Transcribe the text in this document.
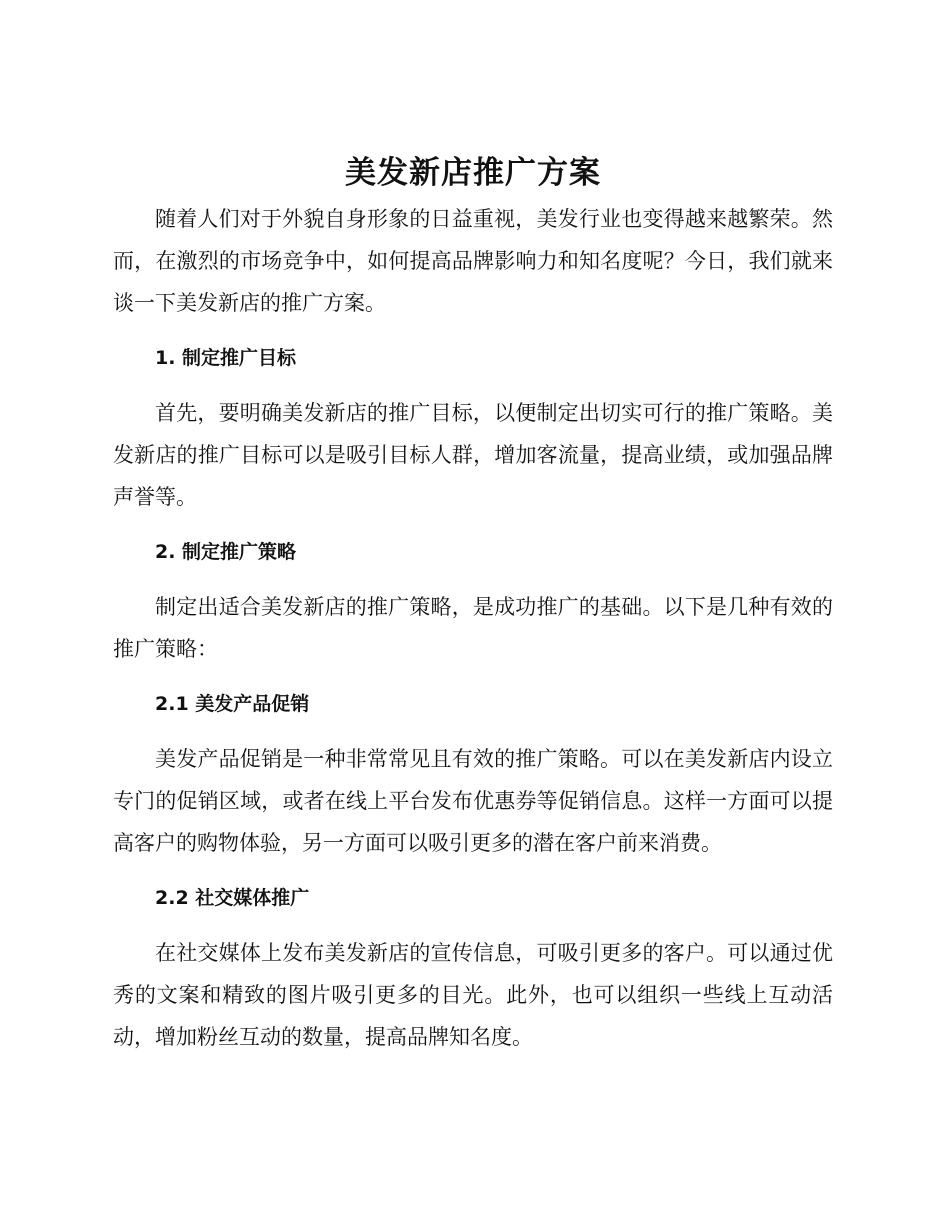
美发新店推广方案

随着人们对于外貌自身形象的日益重视，美发行业也变得越来越繁荣。然而，在激烈的市场竞争中，如何提高品牌影响力和知名度呢？今日，我们就来谈一下美发新店的推广方案。

1. 制定推广目标

首先，要明确美发新店的推广目标，以便制定出切实可行的推广策略。美发新店的推广目标可以是吸引目标人群，增加客流量，提高业绩，或加强品牌声誉等。

2. 制定推广策略

制定出适合美发新店的推广策略，是成功推广的基础。以下是几种有效的推广策略：

2.1 美发产品促销

美发产品促销是一种非常常见且有效的推广策略。可以在美发新店内设立专门的促销区域，或者在线上平台发布优惠券等促销信息。这样一方面可以提高客户的购物体验，另一方面可以吸引更多的潜在客户前来消费。

2.2 社交媒体推广

在社交媒体上发布美发新店的宣传信息，可吸引更多的客户。可以通过优秀的文案和精致的图片吸引更多的目光。此外，也可以组织一些线上互动活动，增加粉丝互动的数量，提高品牌知名度。
